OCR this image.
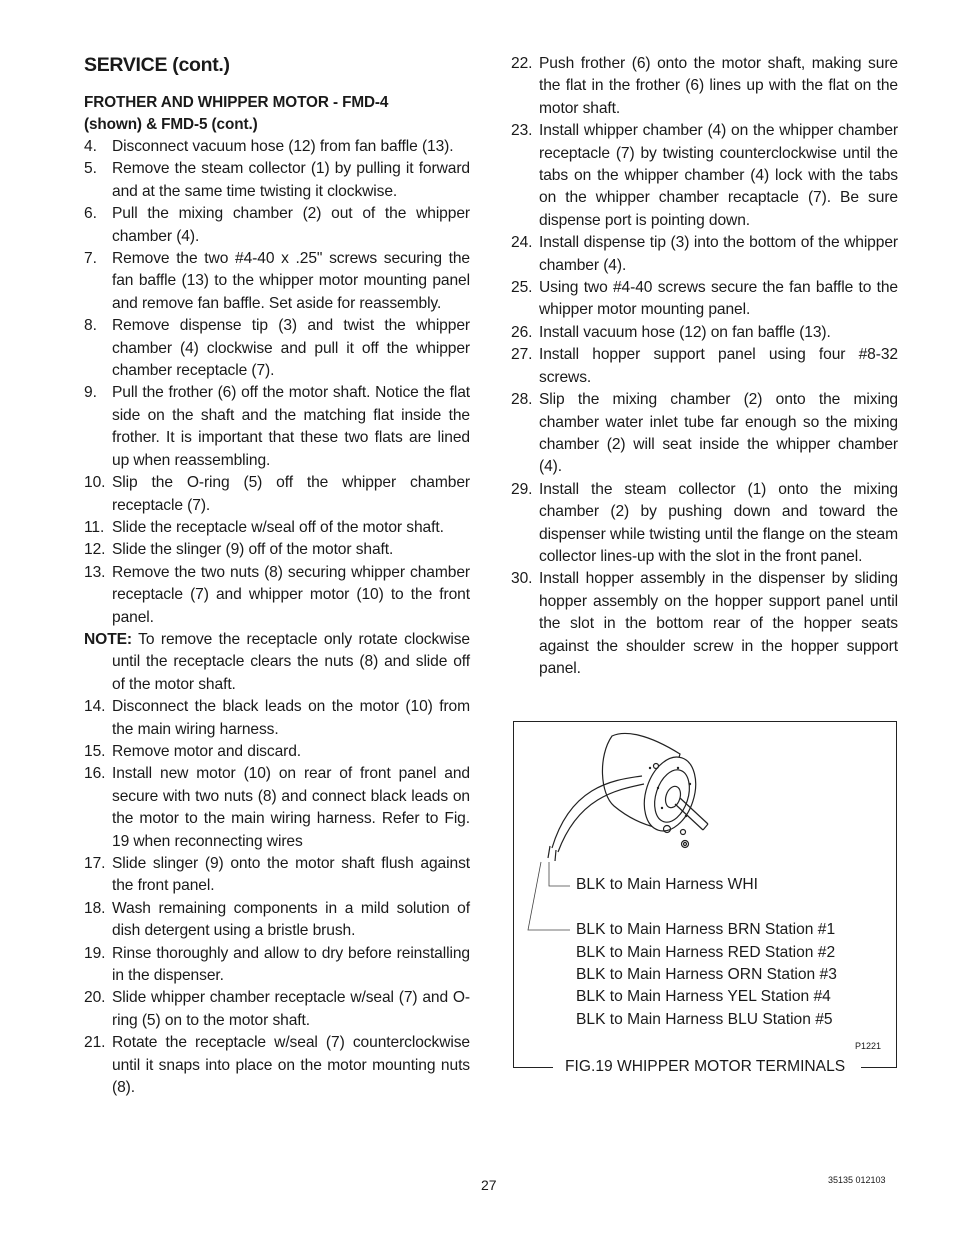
SERVICE (cont.)
FROTHER AND WHIPPER MOTOR - FMD-4
(shown) & FMD-5 (cont.)
4. Disconnect vacuum hose (12) from fan baffle (13).
5. Remove the steam collector (1) by pulling it forward and at the same time twisting it clockwise.
6. Pull the mixing chamber (2) out of the whipper chamber (4).
7. Remove the two #4-40 x .25" screws securing the fan baffle (13) to the whipper motor mounting panel and remove fan baffle. Set aside for reassembly.
8. Remove dispense tip (3) and twist the whipper chamber (4) clockwise and pull it off the whipper chamber receptacle (7).
9. Pull the frother (6) off the motor shaft. Notice the flat side on the shaft and the matching flat inside the frother. It is important that these two flats are lined up when reassembling.
10. Slip the O-ring (5) off the whipper chamber receptacle (7).
11. Slide the receptacle w/seal off of the motor shaft.
12. Slide the slinger (9) off of the motor shaft.
13. Remove the two nuts (8) securing whipper chamber receptacle (7) and whipper motor (10) to the front panel.
NOTE: To remove the receptacle only rotate clockwise until the receptacle clears the nuts (8) and slide off of the motor shaft.
14. Disconnect the black leads on the motor (10) from the main wiring harness.
15. Remove motor and discard.
16. Install new motor (10) on rear of front panel and secure with two nuts (8) and connect black leads on the motor to the main wiring harness. Refer to Fig. 19 when reconnecting wires
17. Slide slinger (9) onto the motor shaft flush against the front panel.
18. Wash remaining components in a mild solution of dish detergent using a bristle brush.
19. Rinse thoroughly and allow to dry before reinstalling in the dispenser.
20. Slide whipper chamber receptacle w/seal (7) and O-ring (5) on to the motor shaft.
21. Rotate the receptacle w/seal (7) counterclockwise until it snaps into place on the motor mounting nuts (8).
22. Push frother (6) onto the motor shaft, making sure the flat in the frother (6) lines up with the flat on the motor shaft.
23. Install whipper chamber (4) on the whipper chamber receptacle (7) by twisting counterclockwise until the tabs on the whipper chamber (4) lock with the tabs on the whipper chamber recaptacle (7). Be sure dispense port is pointing down.
24. Install dispense tip (3) into the bottom of the whipper chamber (4).
25. Using two #4-40 screws secure the fan baffle to the whipper motor mounting panel.
26. Install vacuum hose (12) on fan baffle (13).
27. Install hopper support panel using four #8-32 screws.
28. Slip the mixing chamber (2) onto the mixing chamber water inlet tube far enough so the mixing chamber (2) will seat inside the whipper chamber (4).
29. Install the steam collector (1) onto the mixing chamber (2) by pushing down and toward the dispenser while twisting until the flange on the steam collector lines-up with the slot in the front panel.
30. Install hopper assembly in the dispenser by sliding hopper assembly on the hopper support panel until the slot in the bottom rear of the hopper seats against the shoulder screw in the hopper support panel.
BLK to Main Harness WHI
BLK to Main Harness BRN Station #1
BLK to Main Harness RED Station #2
BLK to Main Harness ORN Station #3
BLK to Main Harness YEL Station #4
BLK to Main Harness BLU Station #5
P1221
FIG.19 WHIPPER MOTOR TERMINALS
27	35135 012103
